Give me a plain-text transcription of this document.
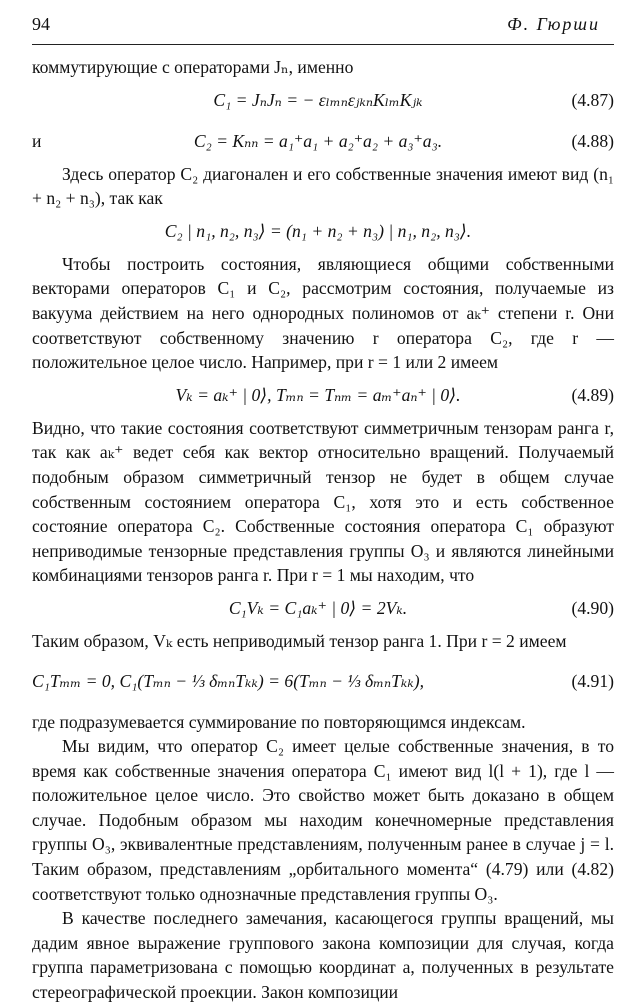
94	Ф. Гюрши

коммутирующие с операторами Jₙ, именно

C₁ = JₙJₙ = − εₗₘₙεⱼₖₙKₗₘKⱼₖ	(4.87)
и	C₂ = Kₙₙ = a₁⁺a₁ + a₂⁺a₂ + a₃⁺a₃.	(4.88)

Здесь оператор C₂ диагонален и его собственные значения имеют вид (n₁ + n₂ + n₃), так как

C₂ | n₁, n₂, n₃⟩ = (n₁ + n₂ + n₃) | n₁, n₂, n₃⟩.

Чтобы построить состояния, являющиеся общими собственными векторами операторов C₁ и C₂, рассмотрим состояния, получаемые из вакуума действием на него однородных полиномов от aₖ⁺ степени r. Они соответствуют собственному значению r оператора C₂, где r — положительное целое число. Например, при r = 1 или 2 имеем

Vₖ = aₖ⁺ | 0⟩, Tₘₙ = Tₙₘ = aₘ⁺aₙ⁺ | 0⟩.	(4.89)

Видно, что такие состояния соответствуют симметричным тензорам ранга r, так как aₖ⁺ ведет себя как вектор относительно вращений. Получаемый подобным образом симметричный тензор не будет в общем случае собственным состоянием оператора C₁, хотя это и есть собственное состояние оператора C₂. Собственные состояния оператора C₁ образуют неприводимые тензорные представления группы O₃ и являются линейными комбинациями тензоров ранга r. При r = 1 мы находим, что

C₁Vₖ = C₁aₖ⁺ | 0⟩ = 2Vₖ.	(4.90)

Таким образом, Vₖ есть неприводимый тензор ранга 1. При r = 2 имеем

C₁Tₘₘ = 0, C₁(Tₘₙ − ⅓ δₘₙTₖₖ) = 6(Tₘₙ − ⅓ δₘₙTₖₖ),	(4.91)

где подразумевается суммирование по повторяющимся индексам.

Мы видим, что оператор C₂ имеет целые собственные значения, в то время как собственные значения оператора C₁ имеют вид l(l + 1), где l — положительное целое число. Это свойство может быть доказано в общем случае. Подобным образом мы находим конечномерные представления группы O₃, эквивалентные представлениям, полученным ранее в случае j = l. Таким образом, представлениям „орбитального момента“ (4.79) или (4.82) соответствуют только однозначные представления группы O₃.

В качестве последнего замечания, касающегося группы вращений, мы дадим явное выражение группового закона композиции для случая, когда группа параметризована с помощью координат a, полученных в результате стереографической проекции. Закон композиции
